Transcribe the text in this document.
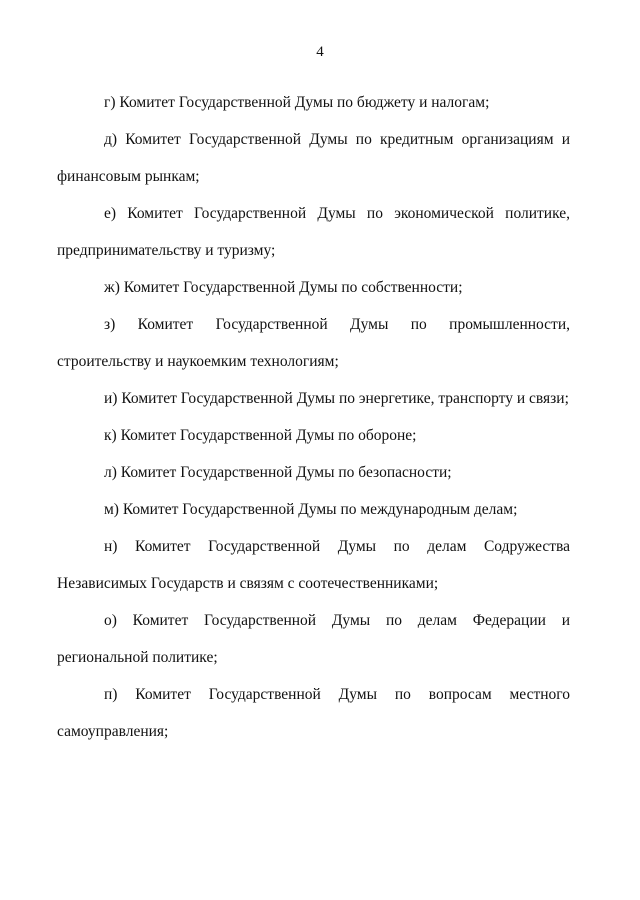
4

г) Комитет Государственной Думы по бюджету и налогам;

д) Комитет Государственной Думы по кредитным организациям и финансовым рынкам;

е) Комитет Государственной Думы по экономической политике, предпринимательству и туризму;

ж) Комитет Государственной Думы по собственности;

з) Комитет Государственной Думы по промышленности, строительству и наукоемким технологиям;

и) Комитет Государственной Думы по энергетике, транспорту и связи;

к) Комитет Государственной Думы по обороне;

л) Комитет Государственной Думы по безопасности;

м) Комитет Государственной Думы по международным делам;

н) Комитет Государственной Думы по делам Содружества Независимых Государств и связям с соотечественниками;

о) Комитет Государственной Думы по делам Федерации и региональной политике;

п) Комитет Государственной Думы по вопросам местного самоуправления;
